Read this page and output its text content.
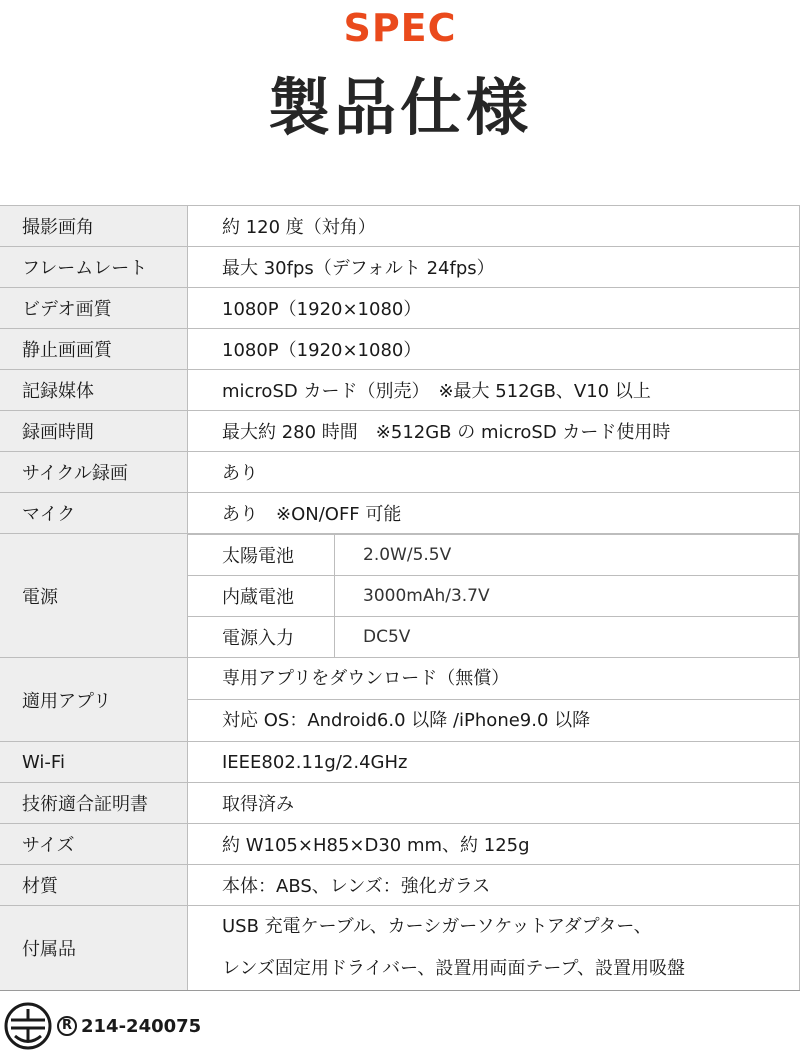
SPEC
製品仕様
撮影画角	約 120 度（対角）
フレームレート	最大 30fps（デフォルト 24fps）
ビデオ画質	1080P（1920×1080）
静止画画質	1080P（1920×1080）
記録媒体	microSD カード（別売）　※最大 512GB、V10 以上
録画時間	最大約 280 時間　※512GB の microSD カード使用時
サイクル録画	あり
マイク	あり　※ON/OFF 可能
電源	
太陽電池	2.0W/5.5V
内蔵電池	3000mAh/3.7V
電源入力	DC5V

適用アプリ	
専用アプリをダウンロード（無償）
対応 OS：Android6.0 以降 /iPhone9.0 以降

Wi-Fi	IEEE802.11g/2.4GHz
技術適合証明書	取得済み
サイズ	約 W105×H85×D30 mm、約 125g
材質	本体：ABS、レンズ：強化ガラス
付属品	
USB 充電ケーブル、カーシガーソケットアダプター、
レンズ固定用ドライバー、設置用両面テープ、設置用吸盤
R 214-240075
